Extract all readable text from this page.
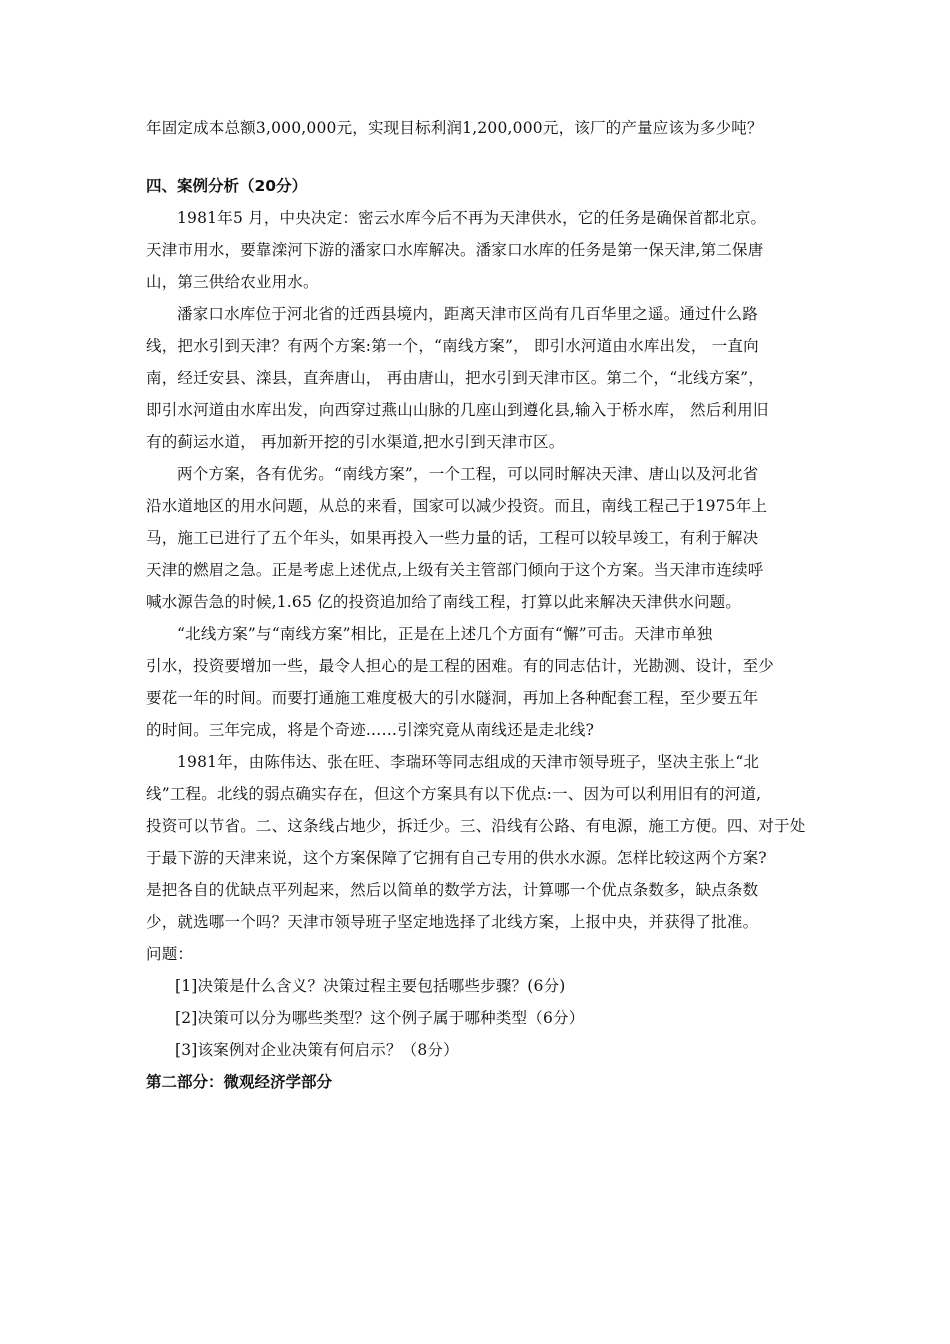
年固定成本总额3,000,000元，实现目标利润1,200,000元，该厂的产量应该为多少吨？
四、案例分析（20分）
1981年5 月，中央决定：密云水库今后不再为天津供水，它的任务是确保首都北京。
天津市用水，要靠滦河下游的潘家口水库解决。潘家口水库的任务是第一保天津,第二保唐
山，第三供给农业用水。
潘家口水库位于河北省的迁西县境内，距离天津市区尚有几百华里之遥。通过什么路
线，把水引到天津？有两个方案:第一个，“南线方案”， 即引水河道由水库出发， 一直向
南，经迁安县、滦县，直奔唐山， 再由唐山，把水引到天津市区。第二个，“北线方案”，
即引水河道由水库出发，向西穿过燕山山脉的几座山到遵化县,输入于桥水库， 然后利用旧
有的蓟运水道， 再加新开挖的引水渠道,把水引到天津市区。
两个方案，各有优劣。“南线方案”，一个工程，可以同时解决天津、唐山以及河北省
沿水道地区的用水问题，从总的来看，国家可以减少投资。而且，南线工程己于1975年上
马，施工已进行了五个年头，如果再投入一些力量的话，工程可以较早竣工，有利于解决
天津的燃眉之急。正是考虑上述优点,上级有关主管部门倾向于这个方案。当天津市连续呼
喊水源告急的时候,1.65 亿的投资追加给了南线工程，打算以此来解决天津供水问题。
“北线方案”与“南线方案”相比，正是在上述几个方面有“懈”可击。天津市单独
引水，投资要增加一些，最令人担心的是工程的困难。有的同志估计，光勘测、设计，至少
要花一年的时间。而要打通施工难度极大的引水隧洞，再加上各种配套工程，至少要五年
的时间。三年完成，将是个奇迹……引滦究竟从南线还是走北线?
1981年，由陈伟达、张在旺、李瑞环等同志组成的天津市领导班子，坚决主张上“北
线”工程。北线的弱点确实存在，但这个方案具有以下优点:一、因为可以利用旧有的河道,
投资可以节省。二、这条线占地少，拆迁少。三、沿线有公路、有电源，施工方便。四、对于处
于最下游的天津来说，这个方案保障了它拥有自己专用的供水水源。怎样比较这两个方案?
是把各自的优缺点平列起来，然后以简单的数学方法，计算哪一个优点条数多，缺点条数
少，就选哪一个吗？天津市领导班子坚定地选择了北线方案，上报中央，并获得了批准。
问题：
[1]决策是什么含义？决策过程主要包括哪些步骤？(6分)
[2]决策可以分为哪些类型？这个例子属于哪种类型（6分）
[3]该案例对企业决策有何启示？（8分）
第二部分：微观经济学部分
